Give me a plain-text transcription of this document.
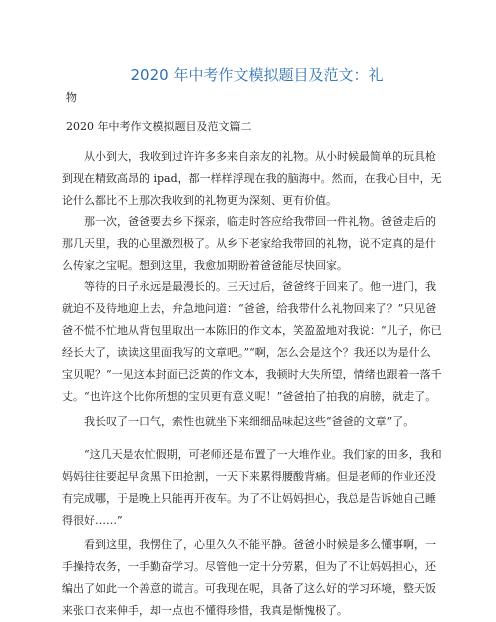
2020 年中考作文模拟题目及范文：礼
物
2020 年中考作文模拟题目及范文篇二
从小到大，我收到过许许多多来自亲友的礼物。从小时候最简单的玩具枪
到现在精致高昂的 ipad，都一样样浮现在我的脑海中。然而，在我心目中，无
论什么都比不上那次我收到的礼物更为深刻、更有价值。
那一次，爸爸要去乡下探亲，临走时答应给我带回一件礼物。爸爸走后的
那几天里，我的心里激烈极了。从乡下老家给我带回的礼物，说不定真的是什
么传家之宝呢。想到这里，我愈加期盼着爸爸能尽快回家。
等待的日子永远是最漫长的。三天过后，爸爸终于回来了。他一进门，我
就迫不及待地迎上去，弁急地问道：“爸爸，给我带什么礼物回来了？”只见爸
爸不慌不忙地从背包里取出一本陈旧的作文本，笑盈盈地对我说：“儿子，你已
经长大了，读读这里面我写的文章吧。”“啊，怎么会是这个？我还以为是什么
宝贝呢？”一见这本封面已泛黄的作文本，我顿时大失所望，情绪也跟着一落千
丈。“也许这个比你所想的宝贝更有意义呢！”爸爸拍了拍我的肩膀，就走了。
我长叹了一口气，索性也就坐下来细细品味起这些“爸爸的文章”了。
“这几天是农忙假期，可老师还是布置了一大堆作业。我们家的田多，我和
妈妈往往要起早贪黑下田抢割，一天下来累得腰酸背痛。但是老师的作业还没
有完成哪，于是晚上只能再开夜车。为了不让妈妈担心，我总是告诉她自己睡
得很好……”
看到这里，我愣住了，心里久久不能平静。爸爸小时候是多么懂事啊，一
手操持农务，一手勤奋学习。尽管他一定十分劳累，但为了不让妈妈担心，还
编出了如此一个善意的谎言。可我现在呢，具备了这么好的学习环境，整天饭
来张口衣来伸手，却一点也不懂得珍惜，我真是惭愧极了。
